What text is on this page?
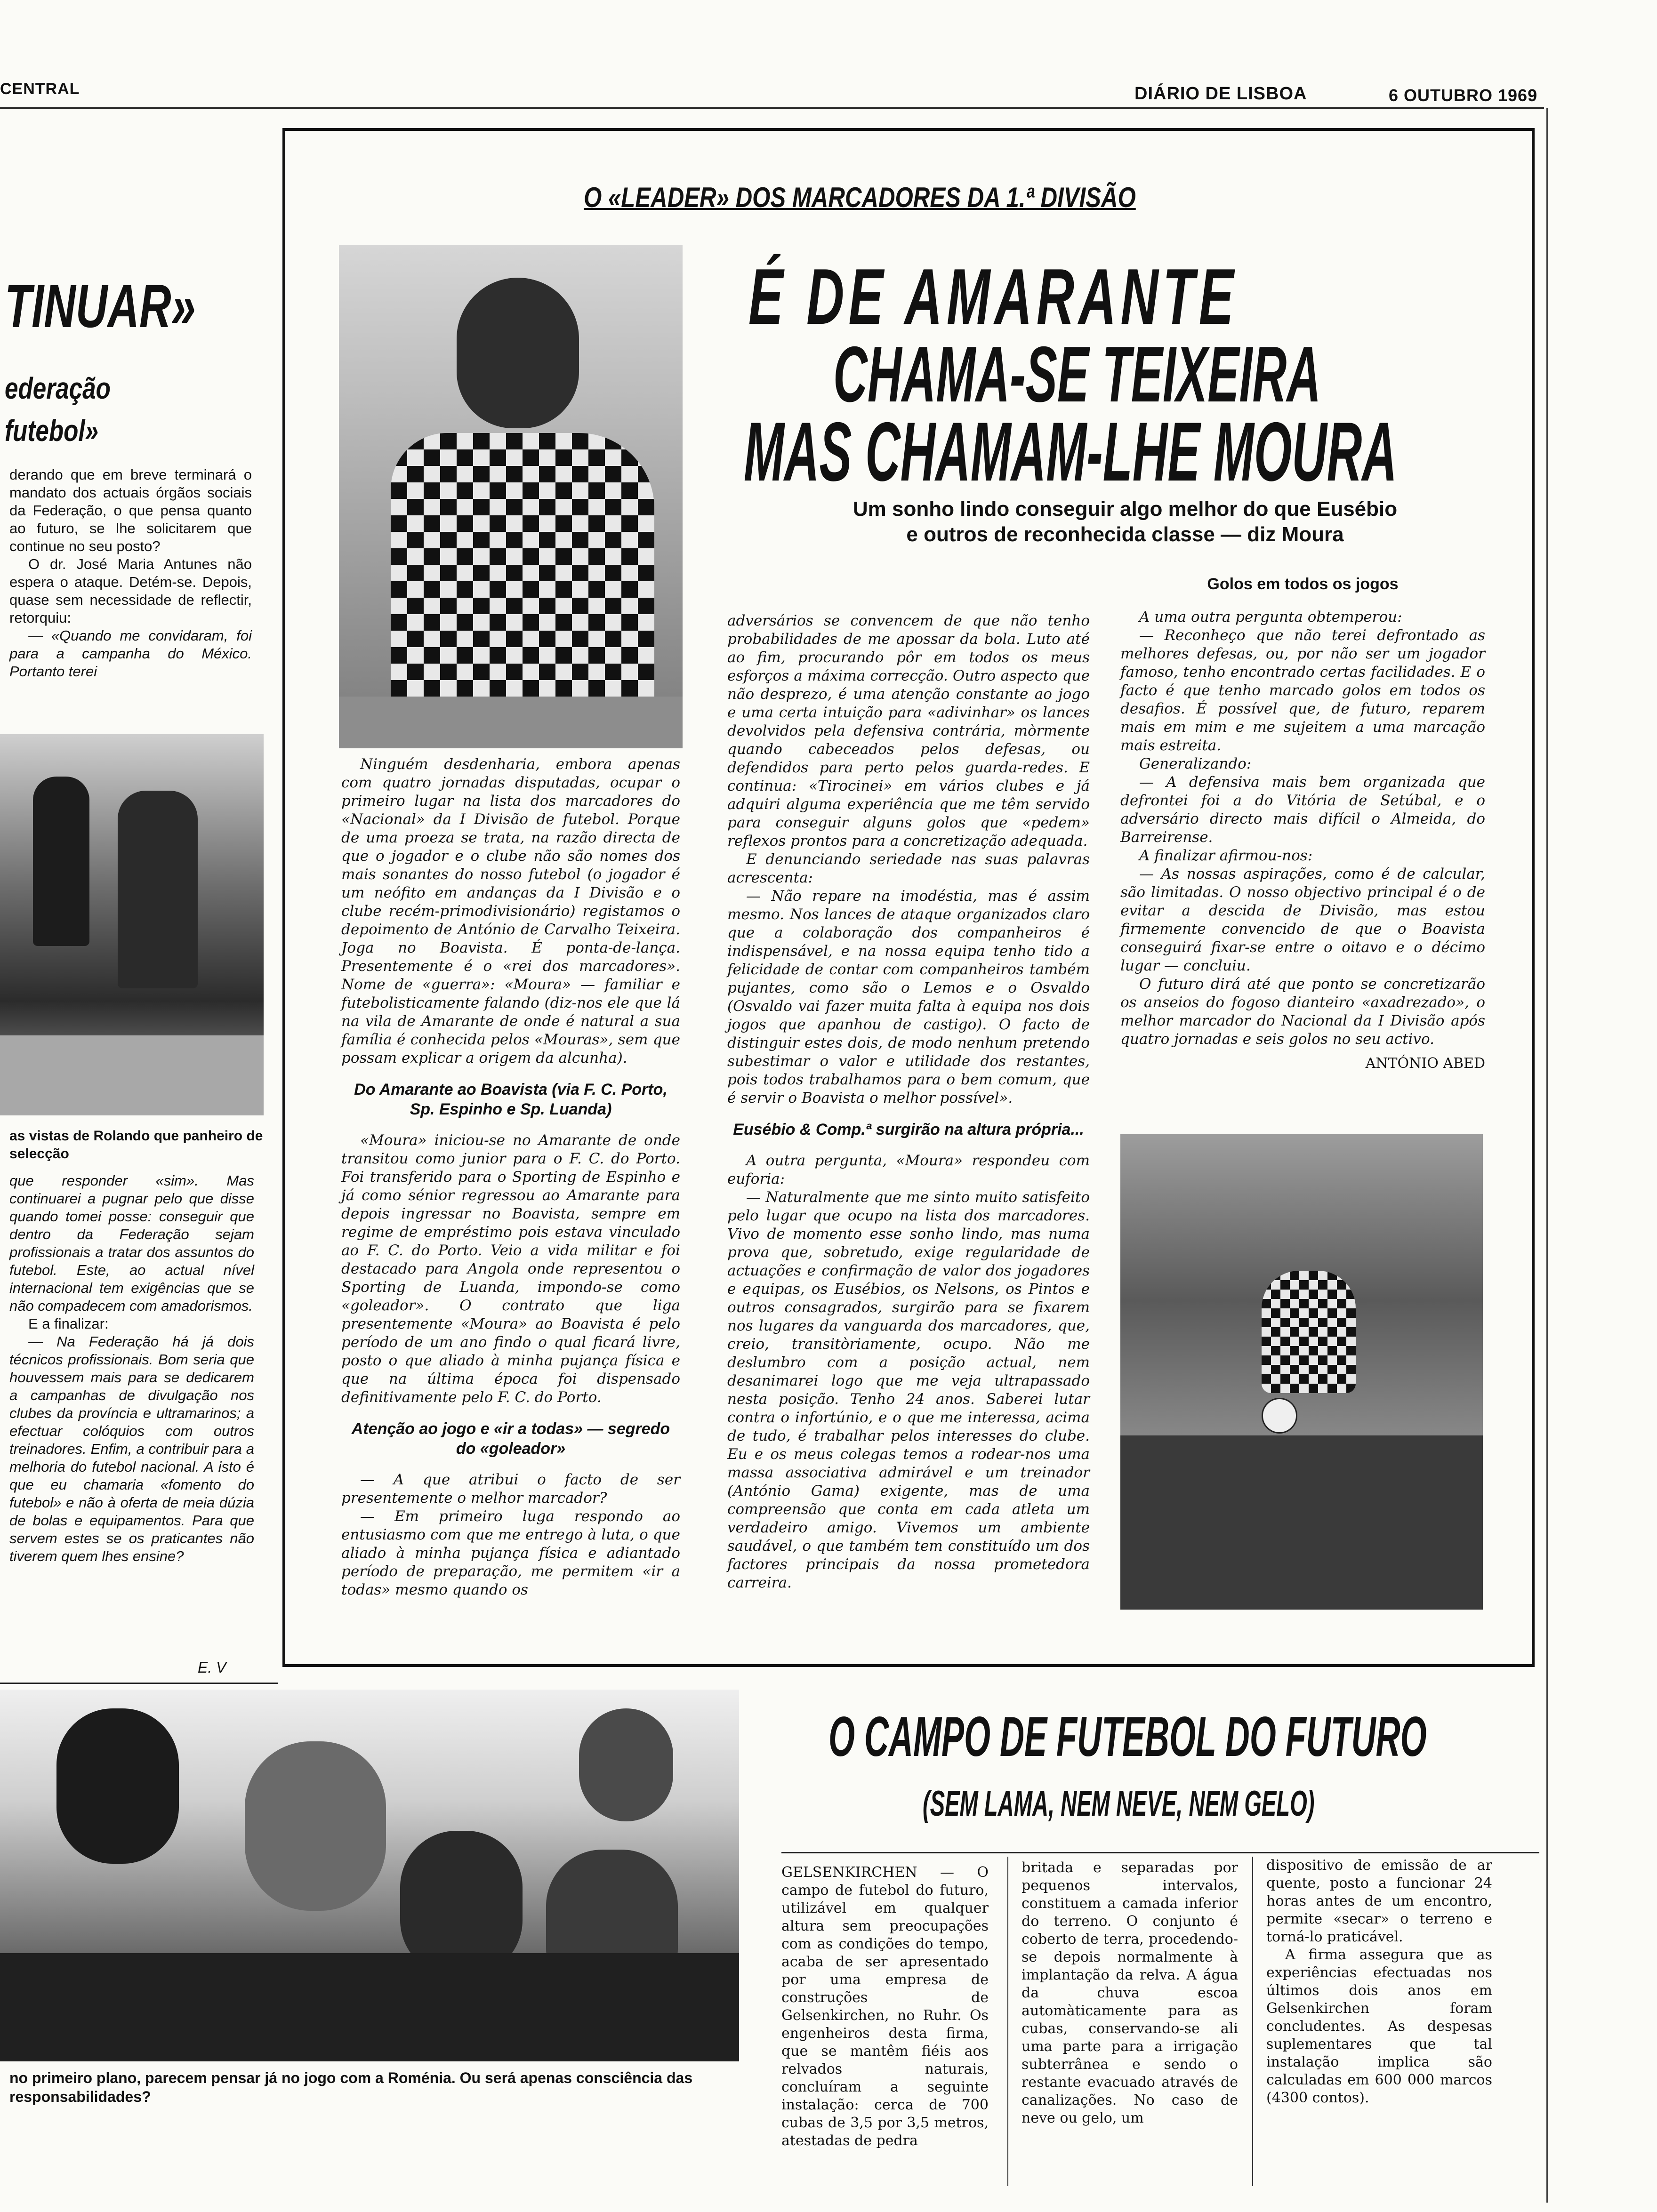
CENTRAL	DIÁRIO DE LISBOA	6 OUTUBRO 1969
TINUAR»
ederação
futebol»

derando que em breve terminará o mandato dos actuais órgãos sociais da Federação, o que pensa quanto ao futuro, se lhe solicitarem que continue no seu posto?

O dr. José Maria Antunes não espera o ataque. Detém-se. Depois, quase sem necessidade de reflectir, retorquiu:

— «Quando me convidaram, foi para a campanha do México. Portanto terei

as vistas de Rolando que panheiro de selecção

que responder «sim». Mas continuarei a pugnar pelo que disse quando tomei posse: conseguir que dentro da Federação sejam profissionais a tratar dos assuntos do futebol. Este, ao actual nível internacional tem exigências que se não compadecem com amadorismos.

E a finalizar:

— Na Federação há já dois técnicos profissionais. Bom seria que houvessem mais para se dedicarem a campanhas de divulgação nos clubes da província e ultramarinos; a efectuar colóquios com outros treinadores. Enfim, a contribuir para a melhoria do futebol nacional. A isto é que eu chamaria «fomento do futebol» e não à oferta de meia dúzia de bolas e equipamentos. Para que servem estes se os praticantes não tiverem quem lhes ensine?

E. V
O «LEADER» DOS MARCADORES DA 1.ª DIVISÃO
É DE AMARANTE
CHAMA-SE TEIXEIRA
MAS CHAMAM-LHE MOURA
Um sonho lindo conseguir algo melhor do que Eusébio
e outros de reconhecida classe — diz Moura

Ninguém desdenharia, embora apenas com quatro jornadas disputadas, ocupar o primeiro lugar na lista dos marcadores do «Nacional» da I Divisão de futebol. Porque de uma proeza se trata, na razão directa de que o jogador e o clube não são nomes dos mais sonantes do nosso futebol (o jogador é um neófito em andanças da I Divisão e o clube recém-primodivisionário) registamos o depoimento de António de Carvalho Teixeira. Joga no Boavista. É ponta-de-lança. Presentemente é o «rei dos marcadores». Nome de «guerra»: «Moura» — familiar e futebolisticamente falando (diz-nos ele que lá na vila de Amarante de onde é natural a sua família é conhecida pelos «Mouras», sem que possam explicar a origem da alcunha).

Do Amarante ao Boavista (via F. C. Porto, Sp. Espinho e Sp. Luanda)

«Moura» iniciou-se no Amarante de onde transitou como junior para o F. C. do Porto. Foi transferido para o Sporting de Espinho e já como sénior regressou ao Amarante para depois ingressar no Boavista, sempre em regime de empréstimo pois estava vinculado ao F. C. do Porto. Veio a vida militar e foi destacado para Angola onde representou o Sporting de Luanda, impondo-se como «goleador». O contrato que liga presentemente «Moura» ao Boavista é pelo período de um ano findo o qual ficará livre, posto o que aliado à minha pujança física e que na última época foi dispensado definitivamente pelo F. C. do Porto.

Atenção ao jogo e «ir a todas» — segredo do «goleador»

— A que atribui o facto de ser presentemente o melhor marcador?

— Em primeiro luga respondo ao entusiasmo com que me entrego à luta, o que aliado à minha pujança física e adiantado período de preparação, me permitem «ir a todas» mesmo quando os

adversários se convencem de que não tenho probabilidades de me apossar da bola. Luto até ao fim, procurando pôr em todos os meus esforços a máxima correcção. Outro aspecto que não desprezo, é uma atenção constante ao jogo e uma certa intuição para «adivinhar» os lances devolvidos pela defensiva contrária, mòrmente quando cabeceados pelos defesas, ou defendidos para perto pelos guarda-redes. E continua: «Tirocinei» em vários clubes e já adquiri alguma experiência que me têm servido para conseguir alguns golos que «pedem» reflexos prontos para a concretização adequada.

E denunciando seriedade nas suas palavras acrescenta:

— Não repare na imodéstia, mas é assim mesmo. Nos lances de ataque organizados claro que a colaboração dos companheiros é indispensável, e na nossa equipa tenho tido a felicidade de contar com companheiros também pujantes, como são o Lemos e o Osvaldo (Osvaldo vai fazer muita falta à equipa nos dois jogos que apanhou de castigo). O facto de distinguir estes dois, de modo nenhum pretendo subestimar o valor e utilidade dos restantes, pois todos trabalhamos para o bem comum, que é servir o Boavista o melhor possível».

Eusébio & Comp.ª surgirão na altura própria...

A outra pergunta, «Moura» respondeu com euforia:

— Naturalmente que me sinto muito satisfeito pelo lugar que ocupo na lista dos marcadores. Vivo de momento esse sonho lindo, mas numa prova que, sobretudo, exige regularidade de actuações e confirmação de valor dos jogadores e equipas, os Eusébios, os Nelsons, os Pintos e outros consagrados, surgirão para se fixarem nos lugares da vanguarda dos marcadores, que, creio, transitòriamente, ocupo. Não me deslumbro com a posição actual, nem desanimarei logo que me veja ultrapassado nesta posição. Tenho 24 anos. Saberei lutar contra o infortúnio, e o que me interessa, acima de tudo, é trabalhar pelos interesses do clube. Eu e os meus colegas temos a rodear-nos uma massa associativa admirável e um treinador (António Gama) exigente, mas de uma compreensão que conta em cada atleta um verdadeiro amigo. Vivemos um ambiente saudável, o que também tem constituído um dos factores principais da nossa prometedora carreira.

Golos em todos os jogos

A uma outra pergunta obtemperou:

— Reconheço que não terei defrontado as melhores defesas, ou, por não ser um jogador famoso, tenho encontrado certas facilidades. E o facto é que tenho marcado golos em todos os desafios. É possível que, de futuro, reparem mais em mim e me sujeitem a uma marcação mais estreita.

Generalizando:

— A defensiva mais bem organizada que defrontei foi a do Vitória de Setúbal, e o adversário directo mais difícil o Almeida, do Barreirense.

A finalizar afirmou-nos:

— As nossas aspirações, como é de calcular, são limitadas. O nosso objectivo principal é o de evitar a descida de Divisão, mas estou firmemente convencido de que o Boavista conseguirá fixar-se entre o oitavo e o décimo lugar — concluiu.

O futuro dirá até que ponto se concretizarão os anseios do fogoso dianteiro «axadrezado», o melhor marcador do Nacional da I Divisão após quatro jornadas e seis golos no seu activo.

ANTÓNIO ABED
no primeiro plano, parecem pensar já no jogo com a Roménia. Ou será apenas consciência das responsabilidades?
O CAMPO DE FUTEBOL DO FUTURO
(SEM LAMA, NEM NEVE, NEM GELO)
GELSENKIRCHEN — O campo de futebol do futuro, utilizável em qualquer altura sem preocupações com as condições do tempo, acaba de ser apresentado por uma empresa de construções de Gelsenkirchen, no Ruhr. Os engenheiros desta firma, que se mantêm fiéis aos relvados naturais, concluíram a seguinte instalação: cerca de 700 cubas de 3,5 por 3,5 metros, atestadas de pedra
britada e separadas por pequenos intervalos, constituem a camada inferior do terreno. O conjunto é coberto de terra, procedendo-se depois normalmente à implantação da relva. A água da chuva escoa automàticamente para as cubas, conservando-se ali uma parte para a irrigação subterrânea e sendo o restante evacuado através de canalizações. No caso de neve ou gelo, um

dispositivo de emissão de ar quente, posto a funcionar 24 horas antes de um encontro, permite «secar» o terreno e torná-lo praticável.

A firma assegura que as experiências efectuadas nos últimos dois anos em Gelsenkirchen foram concludentes. As despesas suplementares que tal instalação implica são calculadas em 600 000 marcos (4300 contos).
